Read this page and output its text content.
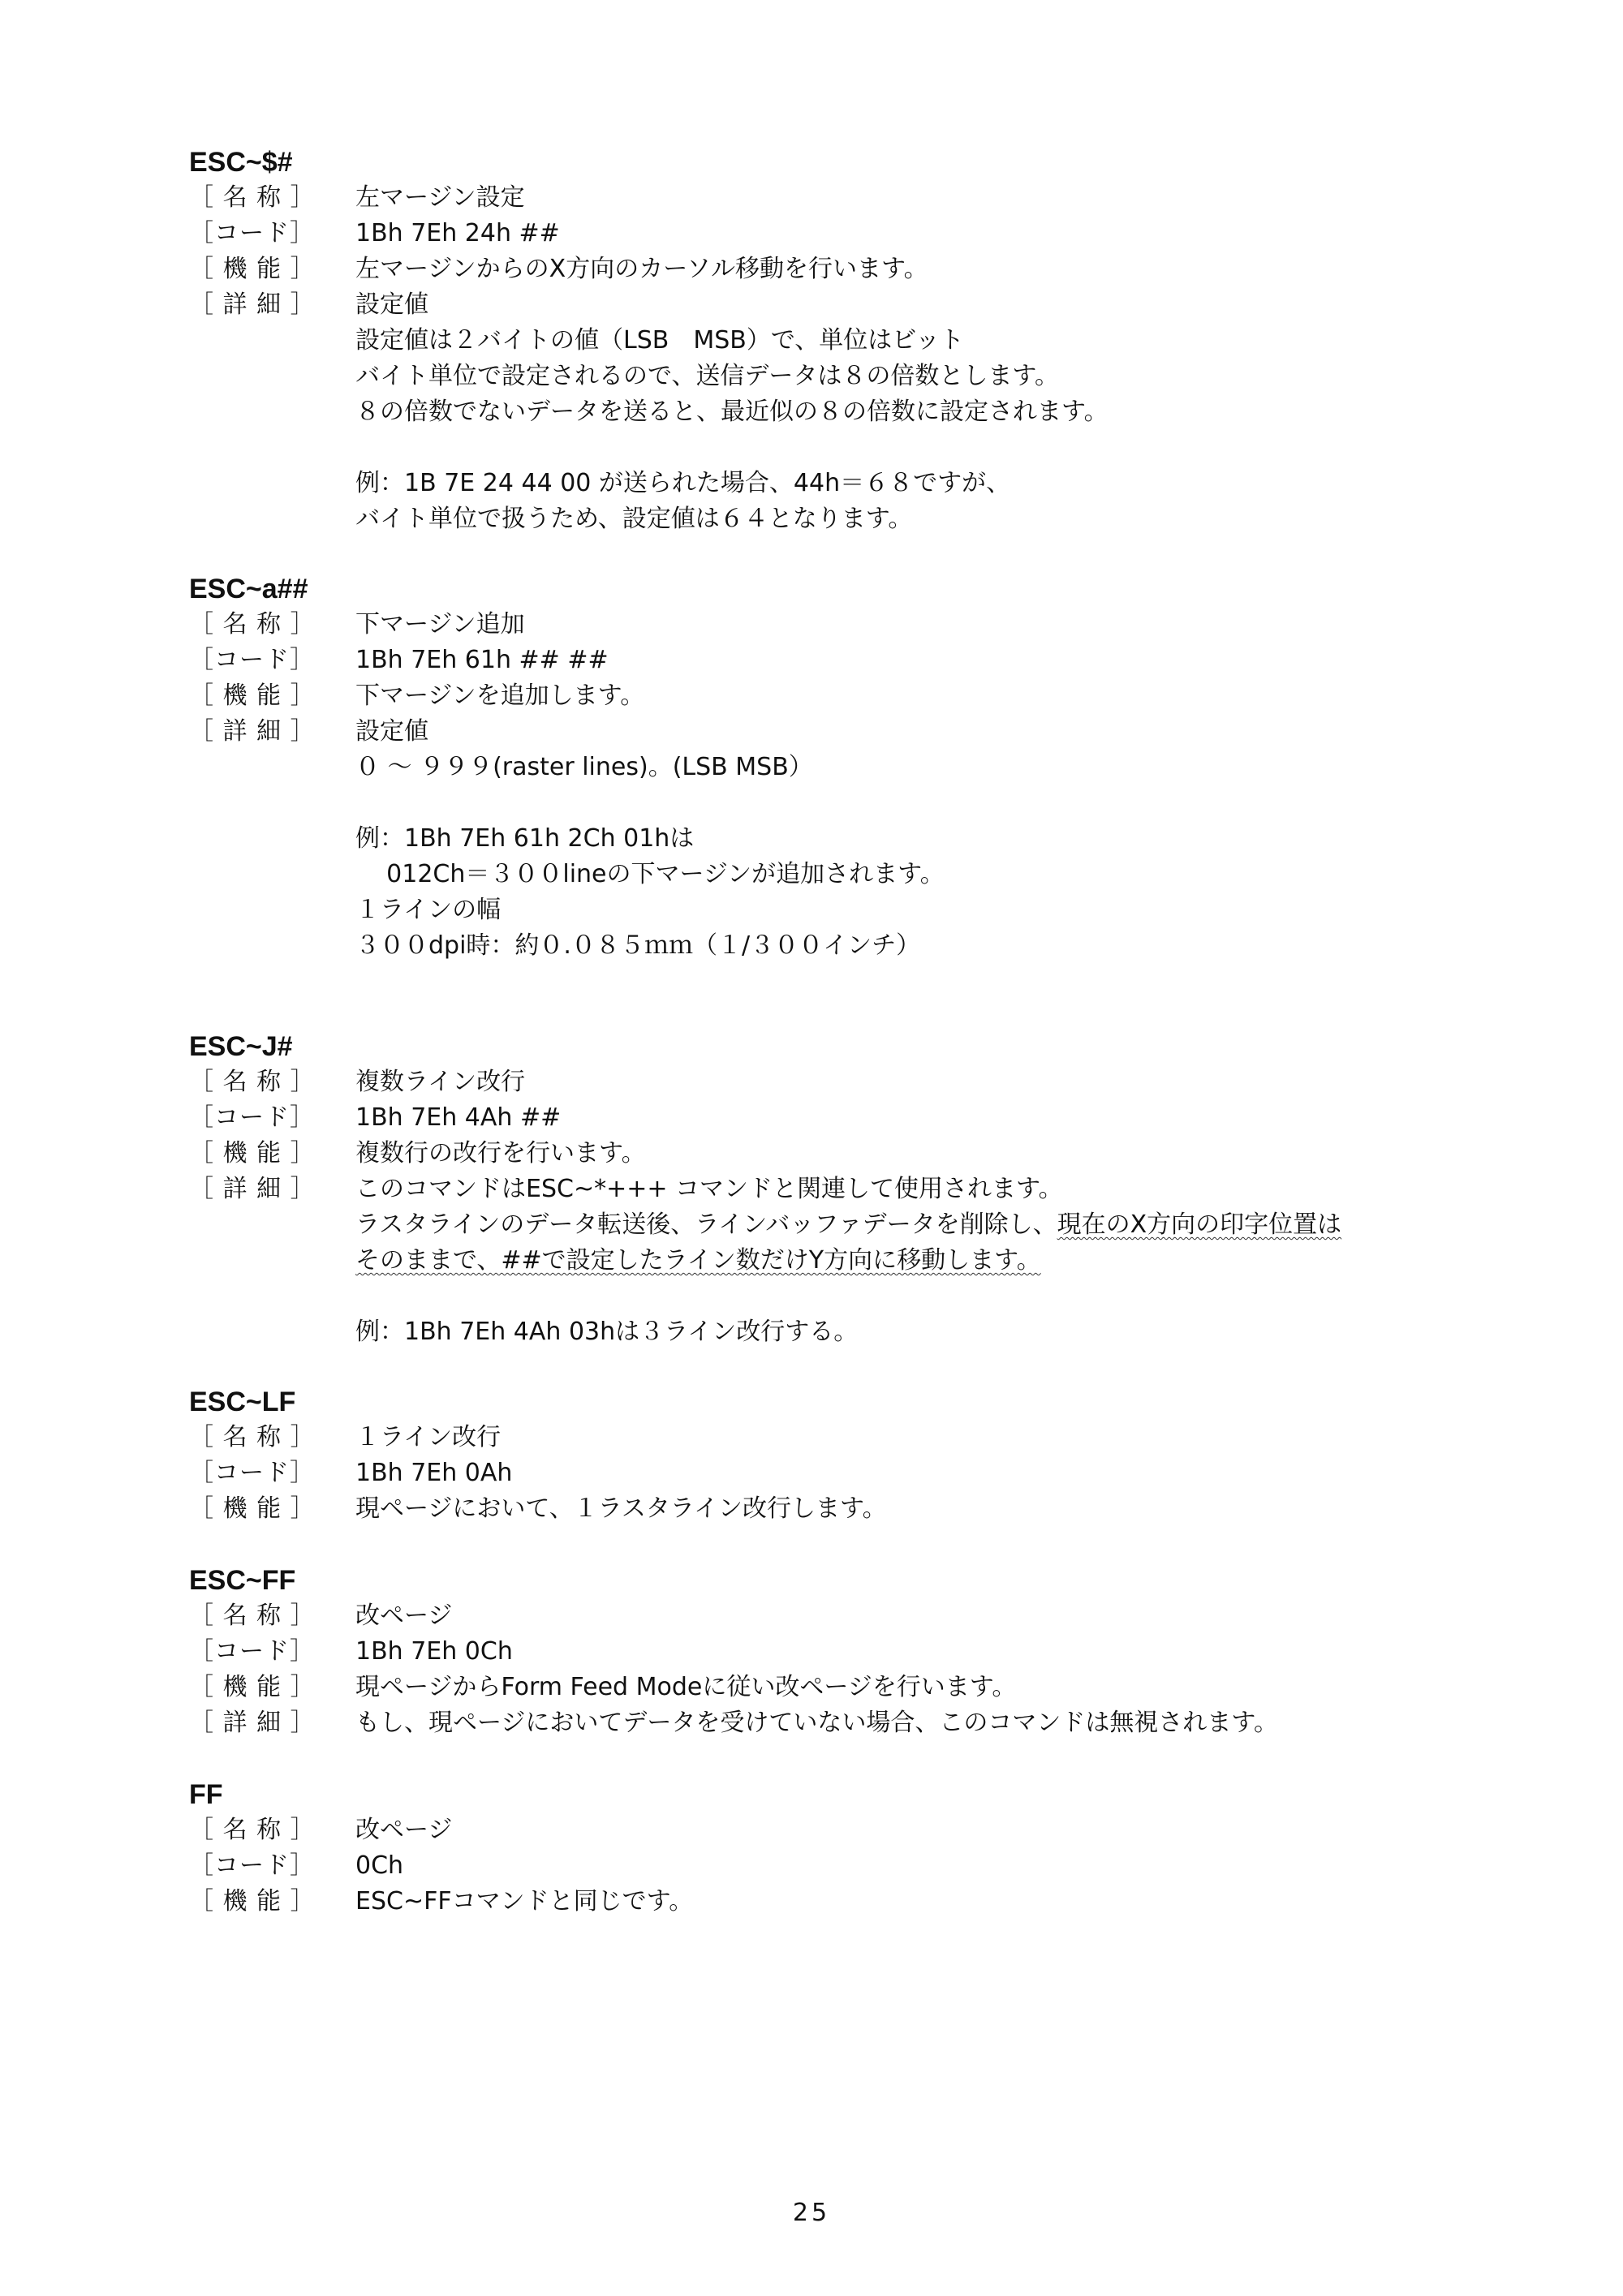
ESC~$#
［ 名 称 ］	左マージン設定
［コード］	1Bh 7Eh 24h ##
［ 機 能 ］	左マージンからのX方向のカーソル移動を行います。
［ 詳 細 ］	設定値
設定値は２バイトの値（LSB　MSB）で、単位はビット
バイト単位で設定されるので、送信データは８の倍数とします。
８の倍数でないデータを送ると、最近似の８の倍数に設定されます。
例：1B 7E 24 44 00 が送られた場合、44h＝６８ですが、
バイト単位で扱うため、設定値は６４となります。
ESC~a##
［ 名 称 ］	下マージン追加
［コード］	1Bh 7Eh 61h ## ##
［ 機 能 ］	下マージンを追加します。
［ 詳 細 ］	設定値
０ ～ ９９９(raster lines)。(LSB MSB）
例：1Bh 7Eh 61h 2Ch 01hは
012Ch＝３００lineの下マージンが追加されます。
１ラインの幅
３００dpi時：約０.０８５ｍｍ（１/３００インチ）
ESC~J#
［ 名 称 ］	複数ライン改行
［コード］	1Bh 7Eh 4Ah ##
［ 機 能 ］	複数行の改行を行います。
［ 詳 細 ］	このコマンドはESC~*+++ コマンドと関連して使用されます。
ラスタラインのデータ転送後、ラインバッファデータを削除し、現在のX方向の印字位置は
そのままで、##で設定したライン数だけY方向に移動します。
例：1Bh 7Eh 4Ah 03hは３ライン改行する。
ESC~LF
［ 名 称 ］	１ライン改行
［コード］	1Bh 7Eh 0Ah
［ 機 能 ］	現ページにおいて、１ラスタライン改行します。
ESC~FF
［ 名 称 ］	改ページ
［コード］	1Bh 7Eh 0Ch
［ 機 能 ］	現ページからForm Feed Modeに従い改ページを行います。
［ 詳 細 ］	もし、現ページにおいてデータを受けていない場合、このコマンドは無視されます。
FF
［ 名 称 ］	改ページ
［コード］	0Ch
［ 機 能 ］	ESC~FFコマンドと同じです。
25
